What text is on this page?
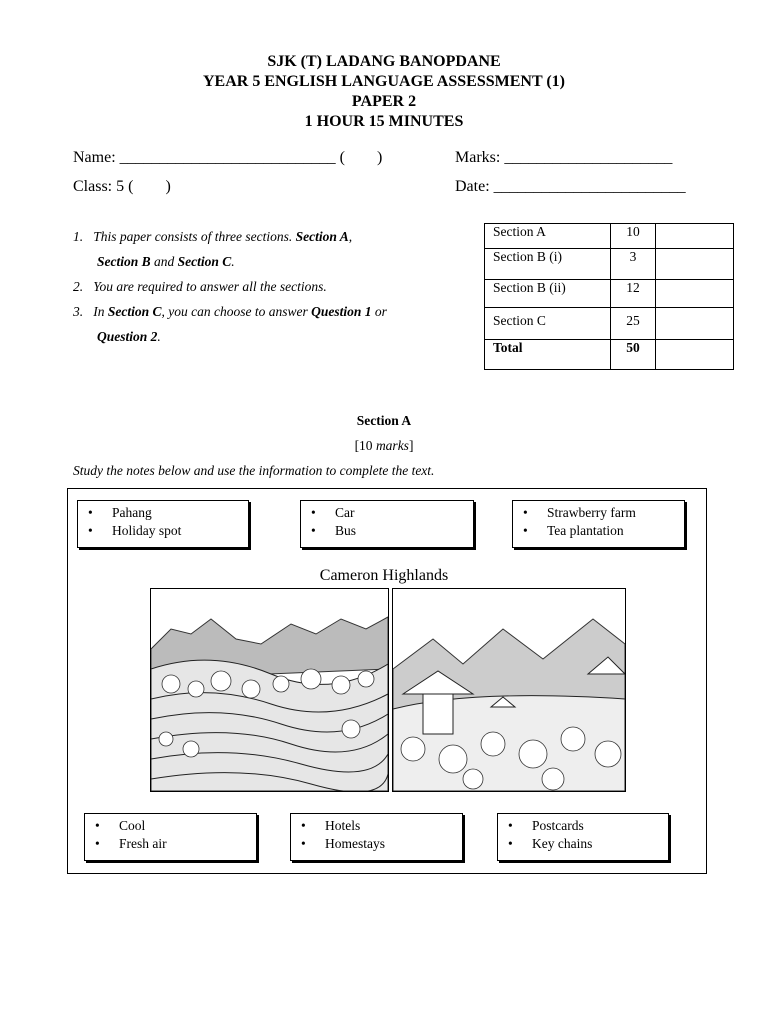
SJK (T) LADANG BANOPDANE
YEAR 5 ENGLISH LANGUAGE ASSESSMENT (1)
PAPER 2
1 HOUR 15 MINUTES
Name: ___________________________ (        )	Marks: _____________________
Class: 5 (        )	Date: ________________________
1. This paper consists of three sections. Section A,
Section B and Section C.
2. You are required to answer all the sections.
3. In Section C, you can choose to answer Question 1 or
Question 2.
Section A	10	
Section B (i)	3	
Section B (ii)	12	
Section C	25	
Total	50	
Section A
[10 marks]
Study the notes below and use the information to complete the text.
• Pahang
• Holiday spot
• Car
• Bus
• Strawberry farm
• Tea plantation
Cameron Highlands
• Cool
• Fresh air
• Hotels
• Homestays
• Postcards
• Key chains
